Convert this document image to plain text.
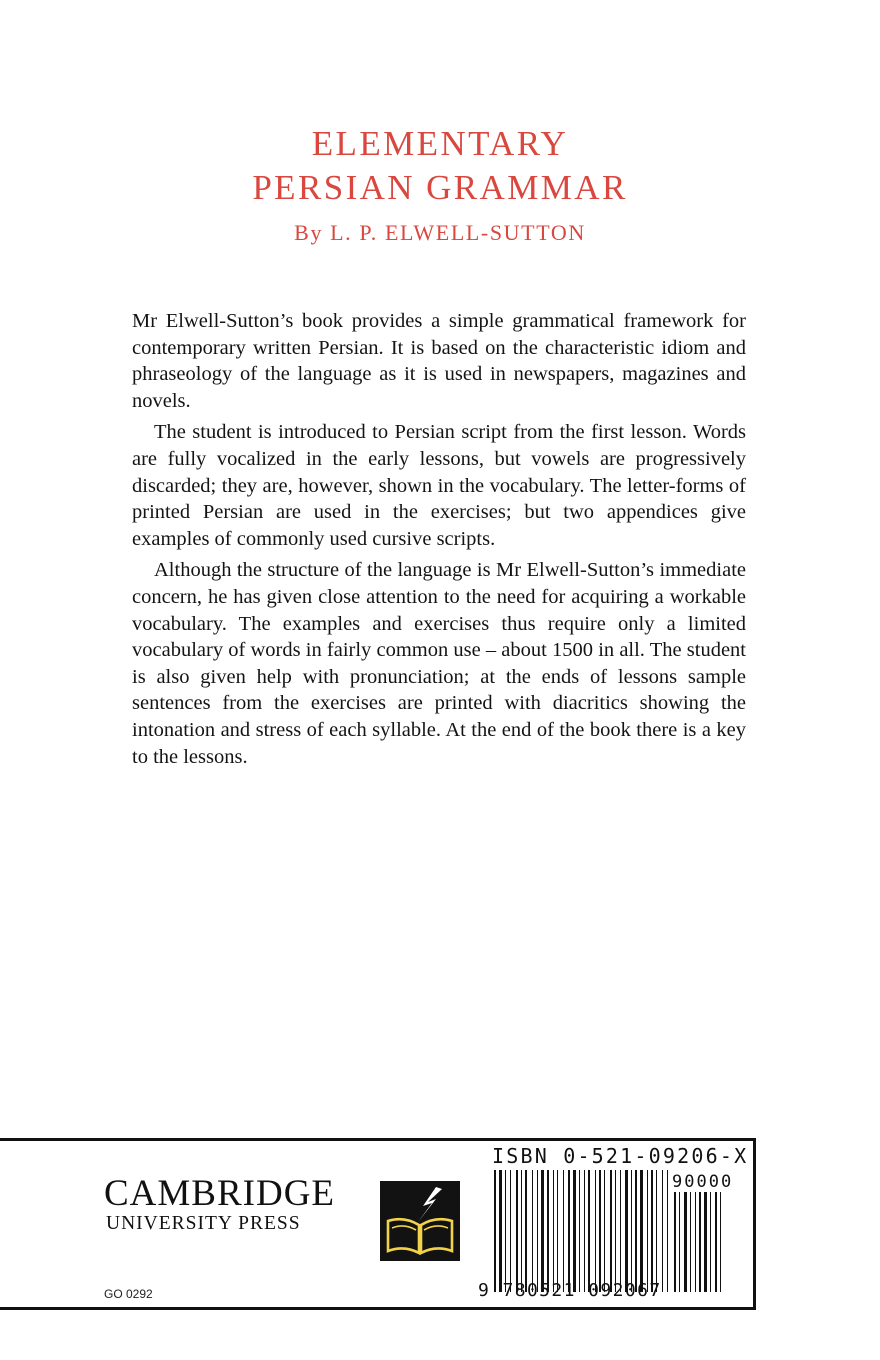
ELEMENTARY
PERSIAN GRAMMAR
By L. P. ELWELL-SUTTON

Mr Elwell-Sutton’s book provides a simple grammatical framework for contemporary written Persian. It is based on the characteristic idiom and phraseology of the language as it is used in newspapers, magazines and novels.

The student is introduced to Persian script from the first lesson. Words are fully vocalized in the early lessons, but vowels are progressively discarded; they are, however, shown in the vocabulary. The letter-forms of printed Persian are used in the exercises; but two appendices give examples of commonly used cursive scripts.

Although the structure of the language is Mr Elwell-Sutton’s immediate concern, he has given close attention to the need for acquiring a workable vocabulary. The examples and exercises thus require only a limited vocabulary of words in fairly common use – about 1500 in all. The student is also given help with pronunciation; at the ends of lessons sample sentences from the exercises are printed with diacritics showing the intonation and stress of each syllable. At the end of the book there is a key to the lessons.

CAMBRIDGE
UNIVERSITY PRESS
GO 0292
ISBN 0-521-09206-X
90000
9 780521 092067
